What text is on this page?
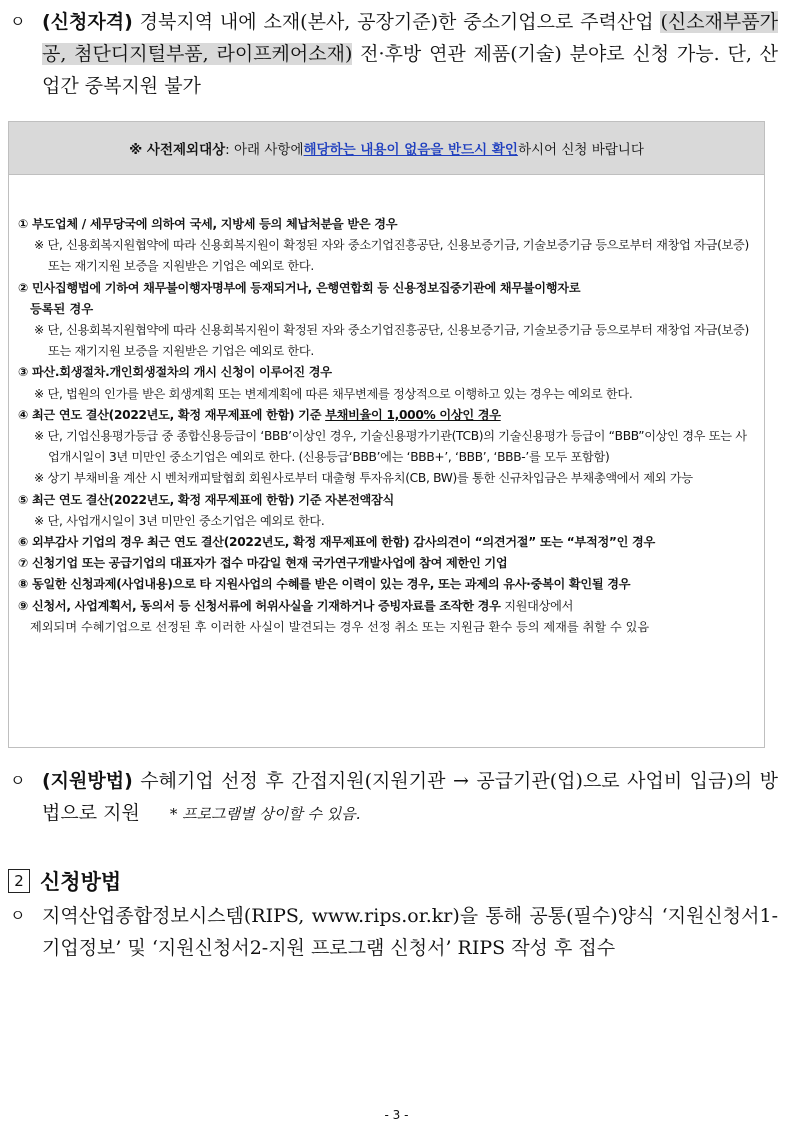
ㅇ (신청자격) 경북지역 내에 소재(본사, 공장기준)한 중소기업으로 주력산업 (신소재부품가공, 첨단디지털부품, 라이프케어소재) 전·후방 연관 제품(기술) 분야로 신청 가능. 단, 산업간 중복지원 불가
※ 사전제외대상 : 아래 사항에 해당하는 내용이 없음을 반드시 확인 하시어 신청 바랍니다
① 부도업체 / 세무당국에 의하여 국세, 지방세 등의 체납처분을 받은 경우
※ 단, 신용회복지원협약에 따라 신용회복지원이 확정된 자와 중소기업진흥공단, 신용보증기금, 기술보증기금 등으로부터 재창업 자금(보증) 또는 재기지원 보증을 지원받은 기업은 예외로 한다.
② 민사집행법에 기하여 채무불이행자명부에 등재되거나, 은행연합회 등 신용정보집중기관에 채무불이행자로
등록된 경우
※ 단, 신용회복지원협약에 따라 신용회복지원이 확정된 자와 중소기업진흥공단, 신용보증기금, 기술보증기금 등으로부터 재창업 자금(보증) 또는 재기지원 보증을 지원받은 기업은 예외로 한다.
③ 파산.회생절차.개인회생절차의 개시 신청이 이루어진 경우
※ 단, 법원의 인가를 받은 회생계획 또는 변제계획에 따른 채무변제를 정상적으로 이행하고 있는 경우는 예외로 한다.
④ 최근 연도 결산(2022년도, 확정 재무제표에 한함) 기준 부채비율이 1,000% 이상인 경우
※ 단, 기업신용평가등급 중 종합신용등급이 ‘BBB’이상인 경우, 기술신용평가기관(TCB)의 기술신용평가 등급이 “BBB”이상인 경우 또는 사업개시일이 3년 미만인 중소기업은 예외로 한다. (신용등급‘BBB’에는 ‘BBB+’, ‘BBB’, ‘BBB-’를 모두 포함함)
※ 상기 부채비율 계산 시 벤처캐피탈협회 회원사로부터 대출형 투자유치(CB, BW)를 통한 신규차입금은 부채총액에서 제외 가능
⑤ 최근 연도 결산(2022년도, 확정 재무제표에 한함) 기준 자본전액잠식
※ 단, 사업개시일이 3년 미만인 중소기업은 예외로 한다.
⑥ 외부감사 기업의 경우 최근 연도 결산(2022년도, 확정 재무제표에 한함) 감사의견이 “의견거절” 또는 “부적정”인 경우
⑦ 신청기업 또는 공급기업의 대표자가 접수 마감일 현재 국가연구개발사업에 참여 제한인 기업
⑧ 동일한 신청과제(사업내용)으로 타 지원사업의 수혜를 받은 이력이 있는 경우, 또는 과제의 유사·중복이 확인될 경우
⑨ 신청서, 사업계획서, 동의서 등 신청서류에 허위사실을 기재하거나 증빙자료를 조작한 경우 지원대상에서
제외되며 수혜기업으로 선정된 후 이러한 사실이 발견되는 경우 선정 취소 또는 지원금 환수 등의 제재를 취할 수 있음
ㅇ (지원방법) 수혜기업 선정 후 간접지원(지원기관 → 공급기관(업)으로 사업비 입금)의 방법으로 지원 * 프로그램별 상이할 수 있음.
2 신청방법
ㅇ 지역산업종합정보시스템(RIPS, www.rips.or.kr)을 통해 공통(필수)양식 ‘지원신청서1-기업정보’ 및 ‘지원신청서2-지원 프로그램 신청서’ RIPS 작성 후 접수
- 3 -
